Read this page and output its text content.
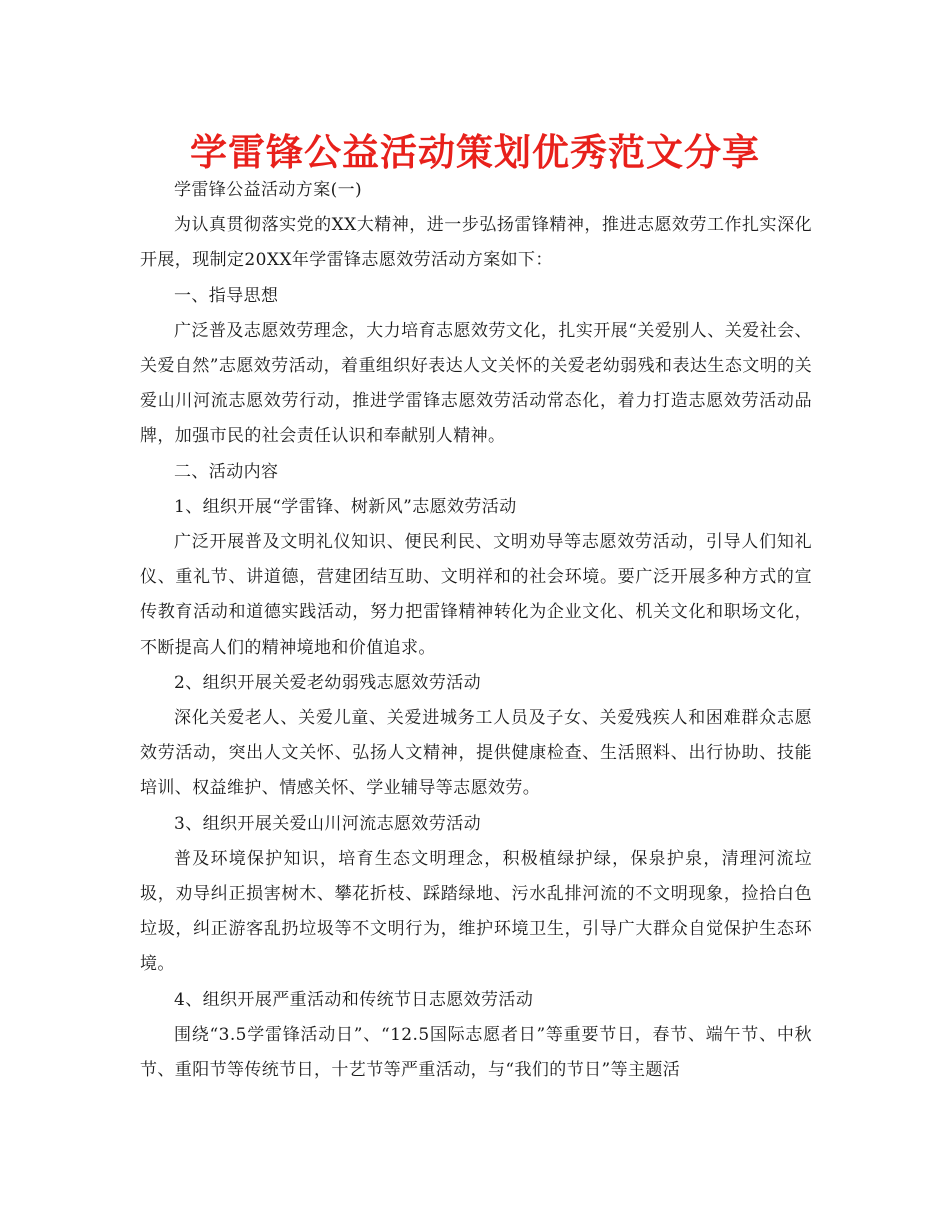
学雷锋公益活动策划优秀范文分享

学雷锋公益活动方案(一)

为认真贯彻落实党的XX大精神，进一步弘扬雷锋精神，推进志愿效劳工作扎实深化开展，现制定20XX年学雷锋志愿效劳活动方案如下：

一、指导思想

广泛普及志愿效劳理念，大力培育志愿效劳文化，扎实开展“关爱别人、关爱社会、关爱自然”志愿效劳活动，着重组织好表达人文关怀的关爱老幼弱残和表达生态文明的关爱山川河流志愿效劳行动，推进学雷锋志愿效劳活动常态化，着力打造志愿效劳活动品牌，加强市民的社会责任认识和奉献别人精神。

二、活动内容

1、组织开展“学雷锋、树新风”志愿效劳活动

广泛开展普及文明礼仪知识、便民利民、文明劝导等志愿效劳活动，引导人们知礼仪、重礼节、讲道德，营建团结互助、文明祥和的社会环境。要广泛开展多种方式的宣传教育活动和道德实践活动，努力把雷锋精神转化为企业文化、机关文化和职场文化，不断提高人们的精神境地和价值追求。

2、组织开展关爱老幼弱残志愿效劳活动

深化关爱老人、关爱儿童、关爱进城务工人员及子女、关爱残疾人和困难群众志愿效劳活动，突出人文关怀、弘扬人文精神，提供健康检查、生活照料、出行协助、技能培训、权益维护、情感关怀、学业辅导等志愿效劳。

3、组织开展关爱山川河流志愿效劳活动

普及环境保护知识，培育生态文明理念，积极植绿护绿，保泉护泉，清理河流垃圾，劝导纠正损害树木、攀花折枝、踩踏绿地、污水乱排河流的不文明现象，捡拾白色垃圾，纠正游客乱扔垃圾等不文明行为，维护环境卫生，引导广大群众自觉保护生态环境。

4、组织开展严重活动和传统节日志愿效劳活动

围绕“3.5学雷锋活动日”、“12.5国际志愿者日”等重要节日，春节、端午节、中秋节、重阳节等传统节日，十艺节等严重活动，与“我们的节日”等主题活
